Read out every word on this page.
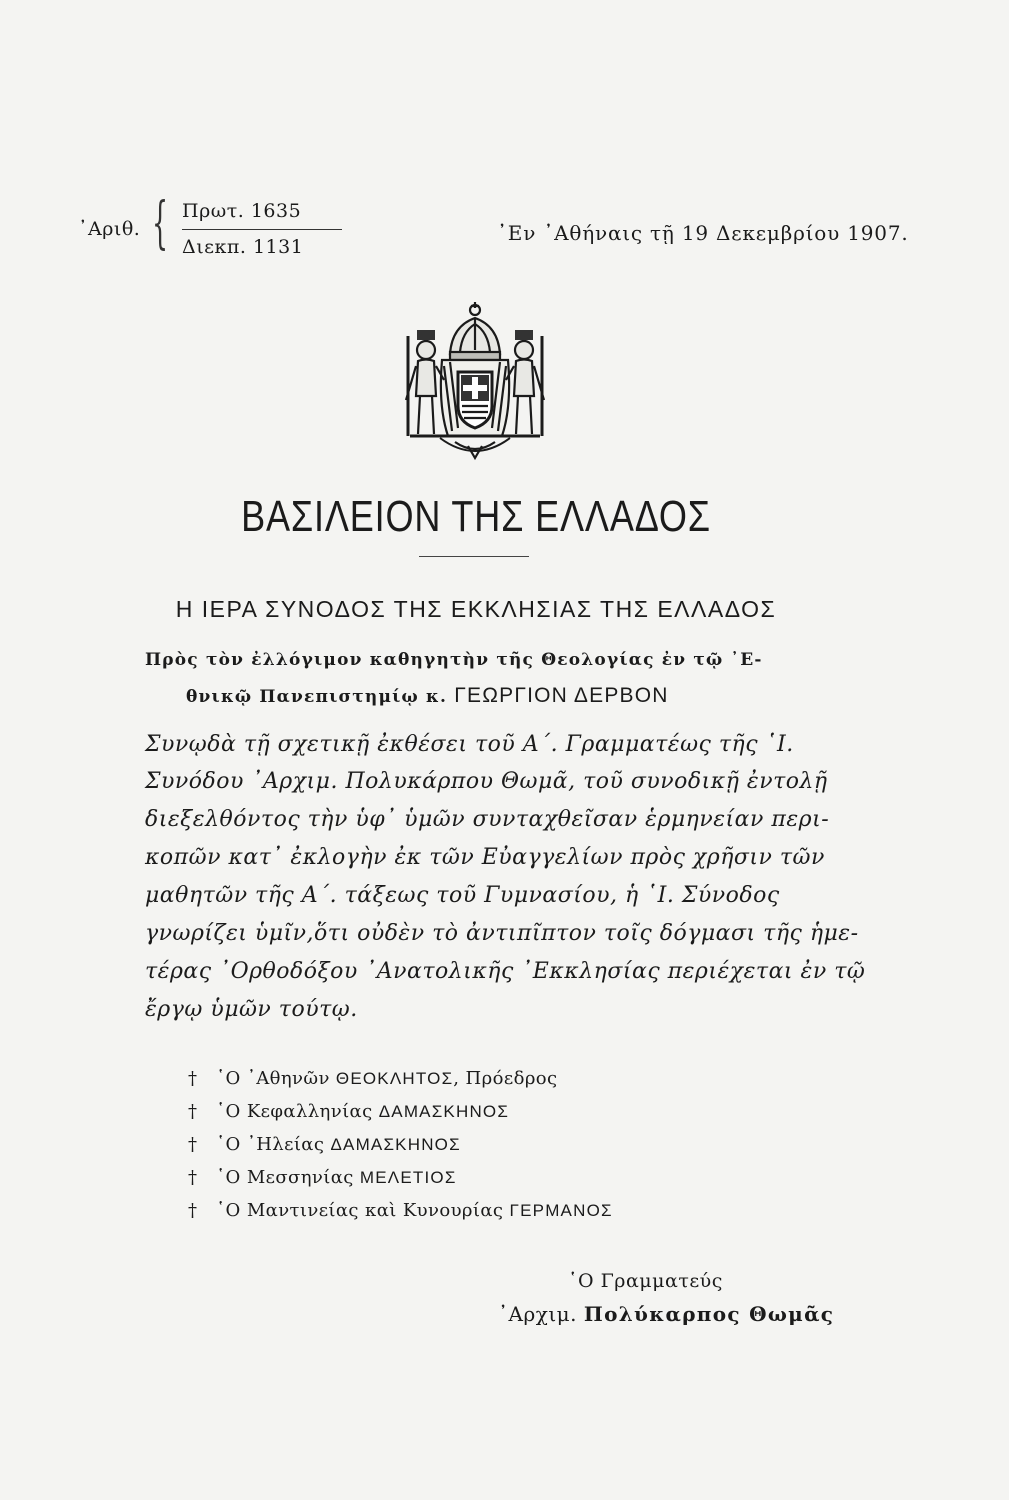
᾿Αριθ. { Πρωτ. 1635
Διεκπ. 1131
᾿Εν ᾿Αθήναις τῇ 19 Δεκεμβρίου 1907.
ΒΑΣΙΛΕΙΟΝ ΤΗΣ ΕΛΛΑΔΟΣ
Η ΙΕΡΑ ΣΥΝΟΔΟΣ ΤΗΣ ΕΚΚΛΗΣΙΑΣ ΤΗΣ ΕΛΛΑΔΟΣ
Πρὸς τὸν ἐλλόγιμον καθηγητὴν τῆς Θεολογίας ἐν τῷ ᾿Ε-
θνικῷ Πανεπιστημίῳ κ. ΓΕΩΡΓΙΟΝ ΔΕΡΒΟΝ
Συνῳδὰ τῇ σχετικῇ ἐκθέσει τοῦ Α΄. Γραμματέως τῆς ῾Ι.
Συνόδου ᾿Αρχιμ. Πολυκάρπου Θωμᾶ, τοῦ συνοδικῇ ἐντολῇ
διεξελθόντος τὴν ὑφ᾿ ὑμῶν συνταχθεῖσαν ἑρμηνείαν περι-
κοπῶν κατ᾿ ἐκλογὴν ἐκ τῶν Εὐαγγελίων πρὸς χρῆσιν τῶν
μαθητῶν τῆς Α΄. τάξεως τοῦ Γυμνασίου, ἡ ῾Ι. Σύνοδος
γνωρίζει ὑμῖν,ὅτι οὐδὲν τὸ ἀντιπῖπτον τοῖς δόγμασι τῆς ἡμε-
τέρας ᾿Ορθοδόξου ᾿Ανατολικῆς ᾿Εκκλησίας περιέχεται ἐν τῷ
ἔργῳ ὑμῶν τούτῳ.
† ῾Ο ᾿Αθηνῶν ΘΕΟΚΛΗΤΟΣ, Πρόεδρος
† ῾Ο Κεφαλληνίας ΔΑΜΑΣΚΗΝΟΣ
† ῾Ο ᾿Ηλείας ΔΑΜΑΣΚΗΝΟΣ
† ῾Ο Μεσσηνίας ΜΕΛΕΤΙΟΣ
† ῾Ο Μαντινείας καὶ Κυνουρίας ΓΕΡΜΑΝΟΣ
῾Ο Γραμματεύς
᾿Αρχιμ. Πολύκαρπος Θωμᾶς
